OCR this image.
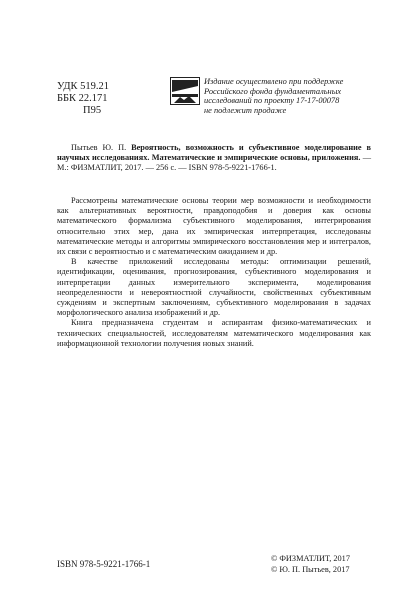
УДК 519.21
ББК 22.171
П95
Издание осуществлено при поддержке
Российского фонда фундаментальных
исследований по проекту 17-17-00078
не подлежит продаже
Пытьев Ю. П. Вероятность, возможность и субъективное моделирование в научных исследованиях. Математические и эмпирические основы, приложения. — М.: ФИЗМАТЛИТ, 2017. — 256 с. — ISBN 978-5-9221-1766-1.

Рассмотрены математические основы теории мер возможности и необходимости как альтернативных вероятности, правдоподобия и доверия как основы математического формализма субъективного моделирования, интегрирования относительно этих мер, дана их эмпирическая интерпретация, исследованы математические методы и алгоритмы эмпирического восстановления мер и интегралов, их связи с вероятностью и с математическим ожиданием и др.

В качестве приложений исследованы методы: оптимизации решений, идентификации, оценивания, прогнозирования, субъективного моделирования и интерпретации данных измерительного эксперимента, моделирования неопределенности и невероятностной случайности, свойственных субъективным суждениям и экспертным заключениям, субъективного моделирования в задачах морфологического анализа изображений и др.

Книга предназначена студентам и аспирантам физико-математических и технических специальностей, исследователям математического моделирования как информационной технологии получения новых знаний.

ISBN 978-5-9221-1766-1
© ФИЗМАТЛИТ, 2017
© Ю. П. Пытьев, 2017
